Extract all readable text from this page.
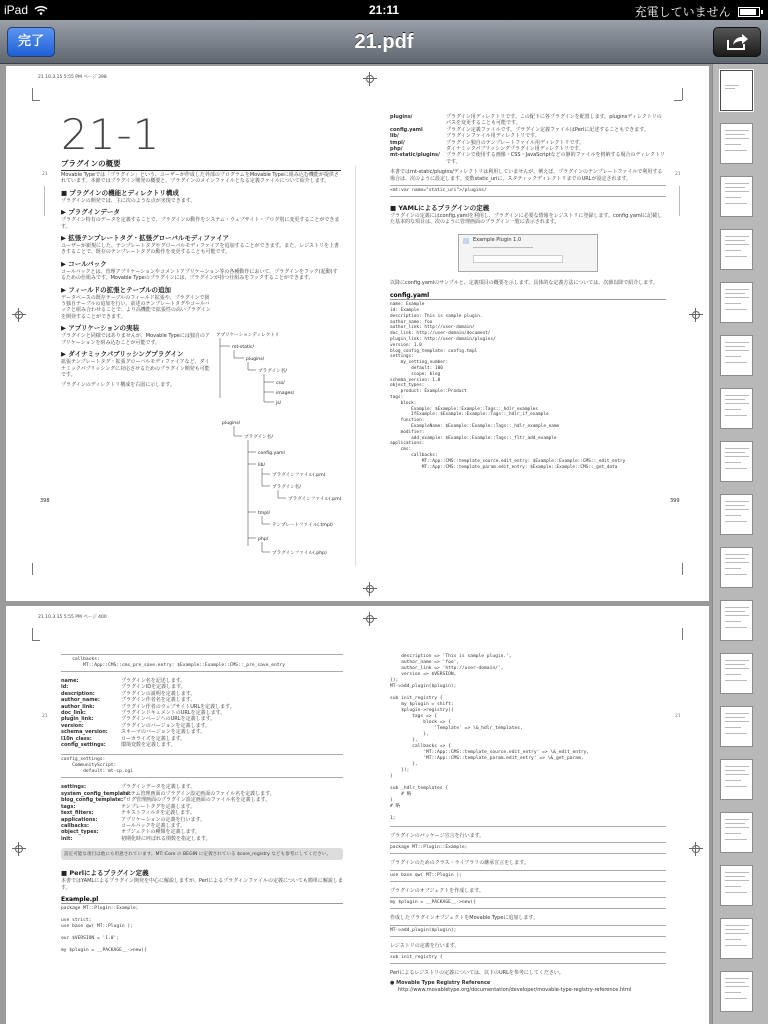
iPad	21:11	充電していません
完了	21.pdf
21 10.3.15 5:55 PM ページ 398
21	21
21-1
プラグインの概要
Movable Typeでは「プラグイン」という、ユーザーが作成した外部のプログラムをMovable Typeに組み込む機能が提供されています。本節ではプラグイン開発の概要と、プラグインのメインファイルとなる定義ファイルについて紹介します。
■ プラグインの機能とディレクトリ構成
プラグインの開発では、主に次のような点が実現できます。
▶ プラグインデータ
プラグイン特有のデータを定義することで、プラグインの動作をシステム・ウェブサイト・ブログ別に変更することができます。
▶ 拡張テンプレートタグ・拡張グローバルモディファイア
ユーザーが新規にした、テンプレートタグやグローバルモディファイアを追加することができます。また、レジストリを上書きすることで、既存のテンプレートタグの動作を変更することも可能です。
▶ コールバック
コールバックとは、管理アプリケーションやコメントアプリケーション等の各種動作において、プラグインをフック(起動)するための仕組みです。Movable Typeのプラグインには、プラグインが持つ仕組みをフックすることができます。
▶ フィールドの拡張とテーブルの追加
データベースの既存テーブルのフィールド拡張や、プラグインで扱う独自テーブルの追加を行い、前述のテンプレートタグやコールバックと組み合わせることで、より高機能で拡張性の高いプラグインを開発することができます。
▶ アプリケーションの実装
プラグインと同様ではありませんが、Movable Typeには独自のアプリケーションを組み込むことが可能です。
▶ ダイナミックパブリッシングプラグイン
拡張テンプレートタグ・拡張グローバルモディファイアなど、ダイナミックパブリッシングに対応させるためのプラグイン開発も可能です。
プラグインのディレクトリ構成を右図に示します。
アプリケーションディレクトリ
mt-static/
plugins/
プラグイン名/
css/
images/
js/
plugins/
プラグイン名/
config.yaml
lib/
プラグインファイル(.pm)
プラグイン名/
プラグインファイル(.pm)
tmpl/
テンプレートファイル(.tmpl)
php/
プラグインファイル(.php)
398	399
plugins/	プラグイン用ディレクトリです。この配下に各プラグインを配置します。pluginsディレクトリのパスを変更することも可能です。
config.yaml	プラグイン定義ファイルです。プラグイン定義ファイルはPerlに記述することもできます。
lib/	プラグインファイル用ディレクトリです。
tmpl/	プラグイン独自のテンプレートファイル用ディレクトリです。
php/	ダイナミックパブリッシングプラグイン用ディレクトリです。
mt-static/plugins/	プラグインで使用する画像・CSS・JavaScriptなどの静的ファイルを格納する場合のディレクトリです。
本書ではmt-static/plugins/ディレクトリは利用していませんが、例えば、プラグインのテンプレートファイルで利用する場合は、次のように設定します。変数static_uriに、スタティックディレクトリまでのURLが設定されます。
<mt:var name="static_uri">/plugins/
■ YAMLによるプラグインの定義
プラグインの定義にはconfig.yamlを利用し、プラグインに必要な情報をレジストリに登録します。config.yamlに記載した基本的な項目は、次のように管理画面のプラグイン一覧に表示されます。
Example Plugin 1.0
以降にconfig.yamlのサンプルと、定義項目の概要を示します。具体的な定義方法については、次節以降で紹介します。
config.yaml
name: Example
id: Example
description: This is sample plugin.
author_name: foo
author_link: http://user-domain/
doc_link: http://user-domain/document/
plugin_link: http://user-domain/plugins/
version: 1.0
blog_config_template: config.tmpl
settings:
my_setting_number:
default: 100
scope: blog
schema_version: 1.0
object_types:
product: Example::Product
tags:
block:
Example: $Example::Example::Tags::_hdlr_examples
IfExample: $Example::Example::Tags::_hdlr_if_example
function:
ExampleName: $Example::Example::Tags::_hdlr_example_name
modifier:
add_example: $Example::Example::Tags::_fltr_add_example
applications:
cms:
callbacks:
MT::App::CMS::template_source.edit_entry: $Example::Example::CMS::_edit_entry
MT::App::CMS::template_param.edit_entry: $Example::Example::CMS::_get_data
21 10.3.15 5:55 PM ページ 400
21	21
callbacks:
MT::App::CMS::cms_pre_save.entry: $Example::Example::CMS::_pre_save_entry
name:	プラグイン名を記述します。
id:	プラグインIDを定義します。
description:	プラグインの説明を定義します。
author_name:	プラグイン作者名を定義します。
author_link:	プラグイン作者のウェブサイトURLを定義します。
doc_link:	プラグインドキュメントのURLを定義します。
plugin_link:	プラグインページへのURLを定義します。
version:	プラグインのバージョンを定義します。
schema_version:	スキーマのバージョンを定義します。
l10n_class:	ローカライズを定義します。
config_settings:	環境変数を定義します。
config_settings:
CommunityScript:
default: mt-cp.cgi
settings:	プラグインデータを定義します。
system_config_template:
システム管理画面のプラグイン設定画面のファイル名を定義します。
blog_config_template:
ブログ管理画面のプラグイン設定画面のファイル名を定義します。
tags:	テンプレートタグを定義します。
text_filters:	テキストフィルタを定義します。
applications:	アプリケーションの定義を行います。
callbacks:	コールバックを定義します。
object_types:	オブジェクトの種類を定義します。
init:	初期化時に呼ばれる関数を指定します。
設定可能な項目は他にも用意されています。MT::Core の BEGIN に定義されている $core_registry なども参考にしてください。
■ Perlによるプラグイン定義
本書ではYAMLによるプラグイン開発を中心に解説しますが、Perlによるプラグインファイルの定義についても簡単に解説します。
Example.pl
package MT::Plugin::Example;

use strict;
use base qw( MT::Plugin );

our $VERSION = '1.0';

my $plugin = __PACKAGE__->new({
description => 'This is sample plugin.',
author_name => 'foo',
author_link => 'http://user-domain/',
version => $VERSION,
});
MT->add_plugin($plugin);

sub init_registry {
my $plugin = shift;
$plugin->registry({
tags => {
block => {
'Template' => \&_hdlr_templates,
},
},
callbacks => {
'MT::App::CMS::template_source.edit_entry' => \&_edit_entry,
'MT::App::CMS::template_param.edit_entry' => \&_get_param,
},
});
}

sub _hdlr_templates {
# 略
}
# 略

1;
プラグインのパッケージ宣言を行います。
package MT::Plugin::Example;
プラグインのためのクラス・ライブラリの継承宣言をします。
use base qw( MT::Plugin );
プラグインのオブジェクトを作成します。
my $plugin = __PACKAGE__->new({
作成したプラグインオブジェクトをMovable Typeに追加します。
MT->add_plugin($plugin);
レジストリの定義を行います。
sub init_registry {
Perlによるレジストリの定義については、以下のURLを参考にしてください。
● Movable Type Registry Reference
http://www.movabletype.org/documentation/developer/movable-type-registry-reference.html
